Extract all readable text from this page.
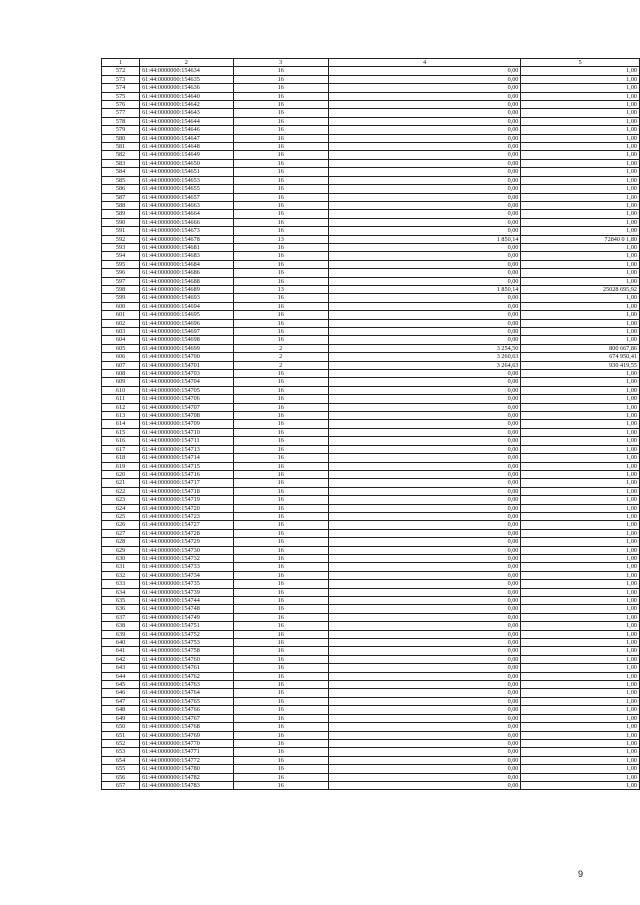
1	2	3	4	5
572	61:44:0000000:154634	16	0,00	1,00
573	61:44:0000000:154635	16	0,00	1,00
574	61:44:0000000:154636	16	0,00	1,00
575	61:44:0000000:154640	16	0,00	1,00
576	61:44:0000000:154642	16	0,00	1,00
577	61:44:0000000:154643	16	0,00	1,00
578	61:44:0000000:154644	16	0,00	1,00
579	61:44:0000000:154646	16	0,00	1,00
580	61:44:0000000:154647	16	0,00	1,00
581	61:44:0000000:154648	16	0,00	1,00
582	61:44:0000000:154649	16	0,00	1,00
583	61:44:0000000:154650	16	0,00	1,00
584	61:44:0000000:154651	16	0,00	1,00
585	61:44:0000000:154653	16	0,00	1,00
586	61:44:0000000:154655	16	0,00	1,00
587	61:44:0000000:154657	16	0,00	1,00
588	61:44:0000000:154663	16	0,00	1,00
589	61:44:0000000:154664	16	0,00	1,00
590	61:44:0000000:154666	16	0,00	1,00
591	61:44:0000000:154673	16	0,00	1,00
592	61:44:0000000:154678	13	1 850,14	72840 0 1,80
593	61:44:0000000:154681	16	0,00	1,00
594	61:44:0000000:154683	16	0,00	1,00
595	61:44:0000000:154684	16	0,00	1,00
596	61:44:0000000:154686	16	0,00	1,00
597	61:44:0000000:154688	16	0,00	1,00
598	61:44:0000000:154689	13	1 850,14	25028 695,92
599	61:44:0000000:154693	16	0,00	1,00
600	61:44:0000000:154694	16	0,00	1,00
601	61:44:0000000:154695	16	0,00	1,00
602	61:44:0000000:154696	16	0,00	1,00
603	61:44:0000000:154697	16	0,00	1,00
604	61:44:0000000:154698	16	0,00	1,00
605	61:44:0000000:154699	2	3 254,50	800 667,86
606	61:44:0000000:154700	2	3 260,63	674 950,41
607	61:44:0000000:154701	2	3 264,63	930 419,55
608	61:44:0000000:154703	16	0,00	1,00
609	61:44:0000000:154704	16	0,00	1,00
610	61:44:0000000:154705	16	0,00	1,00
611	61:44:0000000:154706	16	0,00	1,00
612	61:44:0000000:154707	16	0,00	1,00
613	61:44:0000000:154708	16	0,00	1,00
614	61:44:0000000:154709	16	0,00	1,00
615	61:44:0000000:154710	16	0,00	1,00
616	61:44:0000000:154711	16	0,00	1,00
617	61:44:0000000:154713	16	0,00	1,00
618	61:44:0000000:154714	16	0,00	1,00
619	61:44:0000000:154715	16	0,00	1,00
620	61:44:0000000:154716	16	0,00	1,00
621	61:44:0000000:154717	16	0,00	1,00
622	61:44:0000000:154718	16	0,00	1,00
623	61:44:0000000:154719	16	0,00	1,00
624	61:44:0000000:154720	16	0,00	1,00
625	61:44:0000000:154723	16	0,00	1,00
626	61:44:0000000:154727	16	0,00	1,00
627	61:44:0000000:154728	16	0,00	1,00
628	61:44:0000000:154729	16	0,00	1,00
629	61:44:0000000:154730	16	0,00	1,00
630	61:44:0000000:154732	16	0,00	1,00
631	61:44:0000000:154733	16	0,00	1,00
632	61:44:0000000:154734	16	0,00	1,00
633	61:44:0000000:154735	16	0,00	1,00
634	61:44:0000000:154739	16	0,00	1,00
635	61:44:0000000:154744	16	0,00	1,00
636	61:44:0000000:154748	16	0,00	1,00
637	61:44:0000000:154749	16	0,00	1,00
638	61:44:0000000:154751	16	0,00	1,00
639	61:44:0000000:154752	16	0,00	1,00
640	61:44:0000000:154753	16	0,00	1,00
641	61:44:0000000:154758	16	0,00	1,00
642	61:44:0000000:154760	16	0,00	1,00
643	61:44:0000000:154761	16	0,00	1,00
644	61:44:0000000:154762	16	0,00	1,00
645	61:44:0000000:154763	16	0,00	1,00
646	61:44:0000000:154764	16	0,00	1,00
647	61:44:0000000:154765	16	0,00	1,00
648	61:44:0000000:154766	16	0,00	1,00
649	61:44:0000000:154767	16	0,00	1,00
650	61:44:0000000:154768	16	0,00	1,00
651	61:44:0000000:154769	16	0,00	1,00
652	61:44:0000000:154770	16	0,00	1,00
653	61:44:0000000:154771	16	0,00	1,00
654	61:44:0000000:154772	16	0,00	1,00
655	61:44:0000000:154780	16	0,00	1,00
656	61:44:0000000:154782	16	0,00	1,00
657	61:44:0000000:154783	16	0,00	1,00
9
